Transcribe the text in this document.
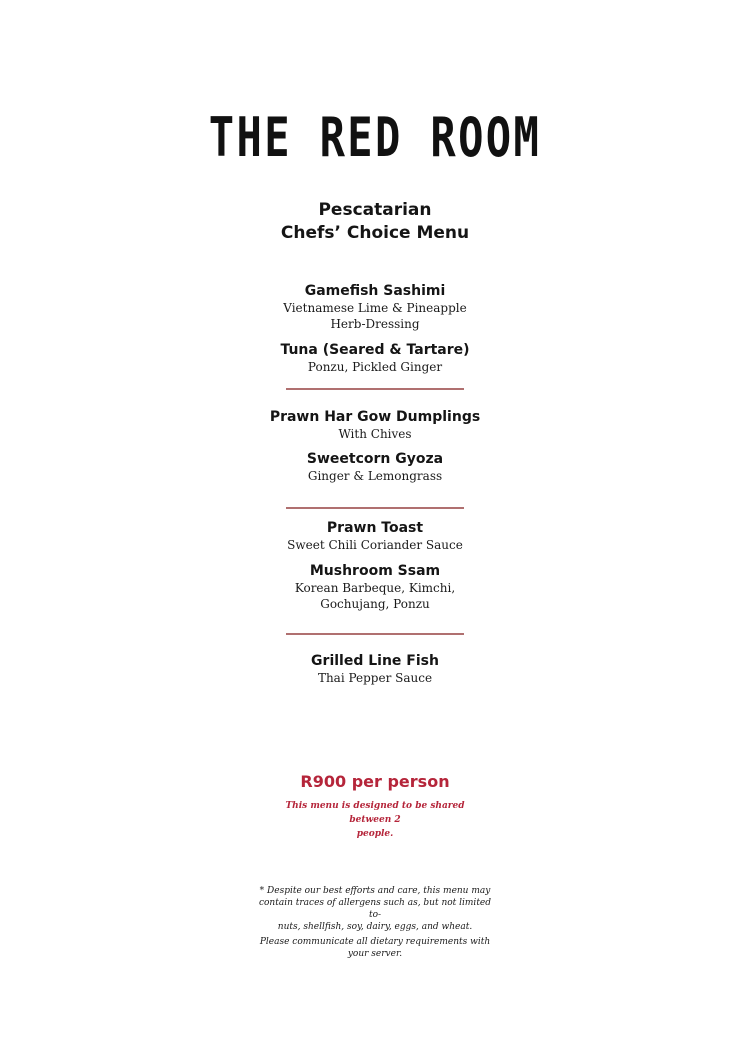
THE RED ROOM
Pescatarian
Chefs’ Choice Menu
Gamefish Sashimi
Vietnamese Lime & Pineapple
Herb-Dressing
Tuna (Seared & Tartare)
Ponzu, Pickled Ginger
Prawn Har Gow Dumplings
With Chives
Sweetcorn Gyoza
Ginger & Lemongrass
Prawn Toast
Sweet Chili Coriander Sauce
Mushroom Ssam
Korean Barbeque, Kimchi,
Gochujang, Ponzu
Grilled Line Fish
Thai Pepper Sauce
R900 per person
This menu is designed to be shared between 2
people.
* Despite our best efforts and care, this menu may
contain traces of allergens such as, but not limited to-
nuts, shellfish, soy, dairy, eggs, and wheat.
Please communicate all dietary requirements with
your server.
